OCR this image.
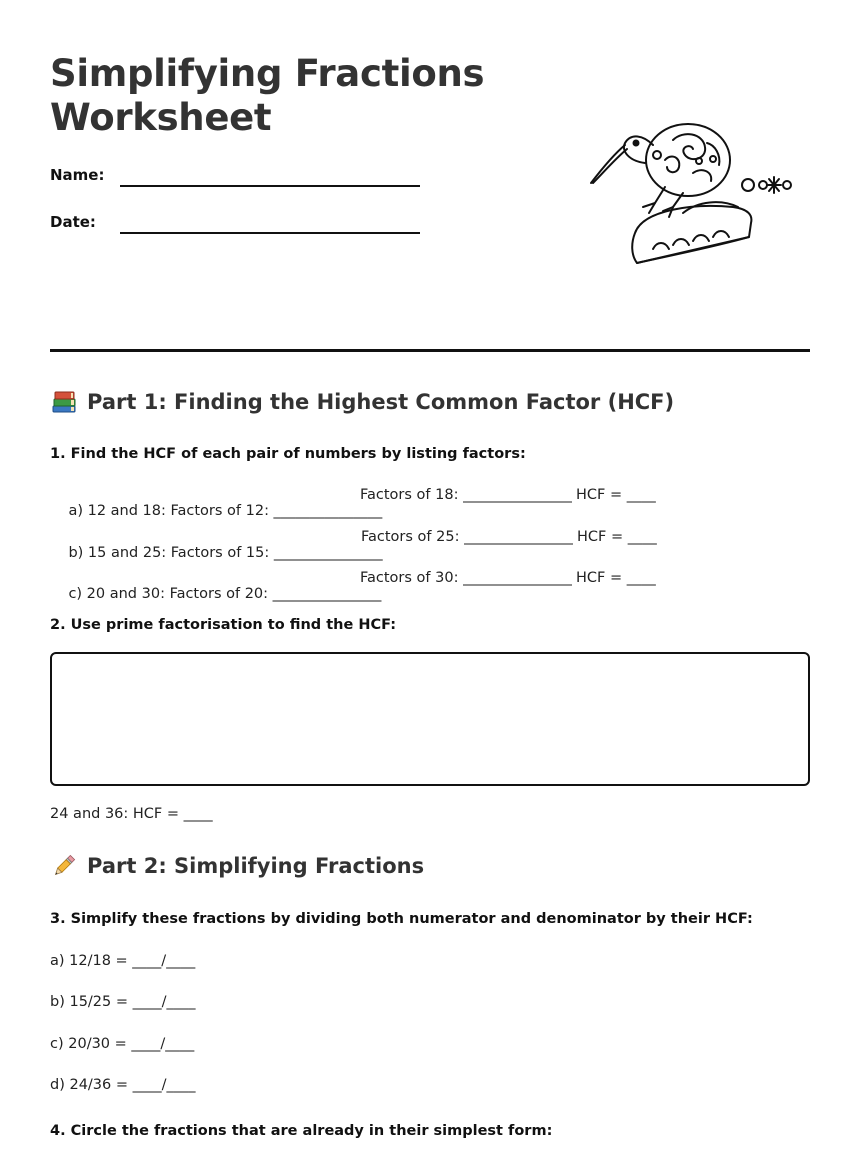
Simplifying Fractions
Worksheet
Name:
Date:
Part 1: Finding the Highest Common Factor (HCF)
1. Find the HCF of each pair of numbers by listing factors:

a) 12 and 18: Factors of 12: _______________
Factors of 18: _______________ HCF = ____

b) 15 and 25: Factors of 15: _______________
Factors of 25: _______________ HCF = ____

c) 20 and 30: Factors of 20: _______________
Factors of 30: _______________ HCF = ____

2. Use prime factorisation to find the HCF:
24 and 36: HCF = ____
Part 2: Simplifying Fractions
3. Simplify these fractions by dividing both numerator and denominator by their HCF:
a) 12/18 = ____/____
b) 15/25 = ____/____
c) 20/30 = ____/____
d) 24/36 = ____/____
4. Circle the fractions that are already in their simplest form:
